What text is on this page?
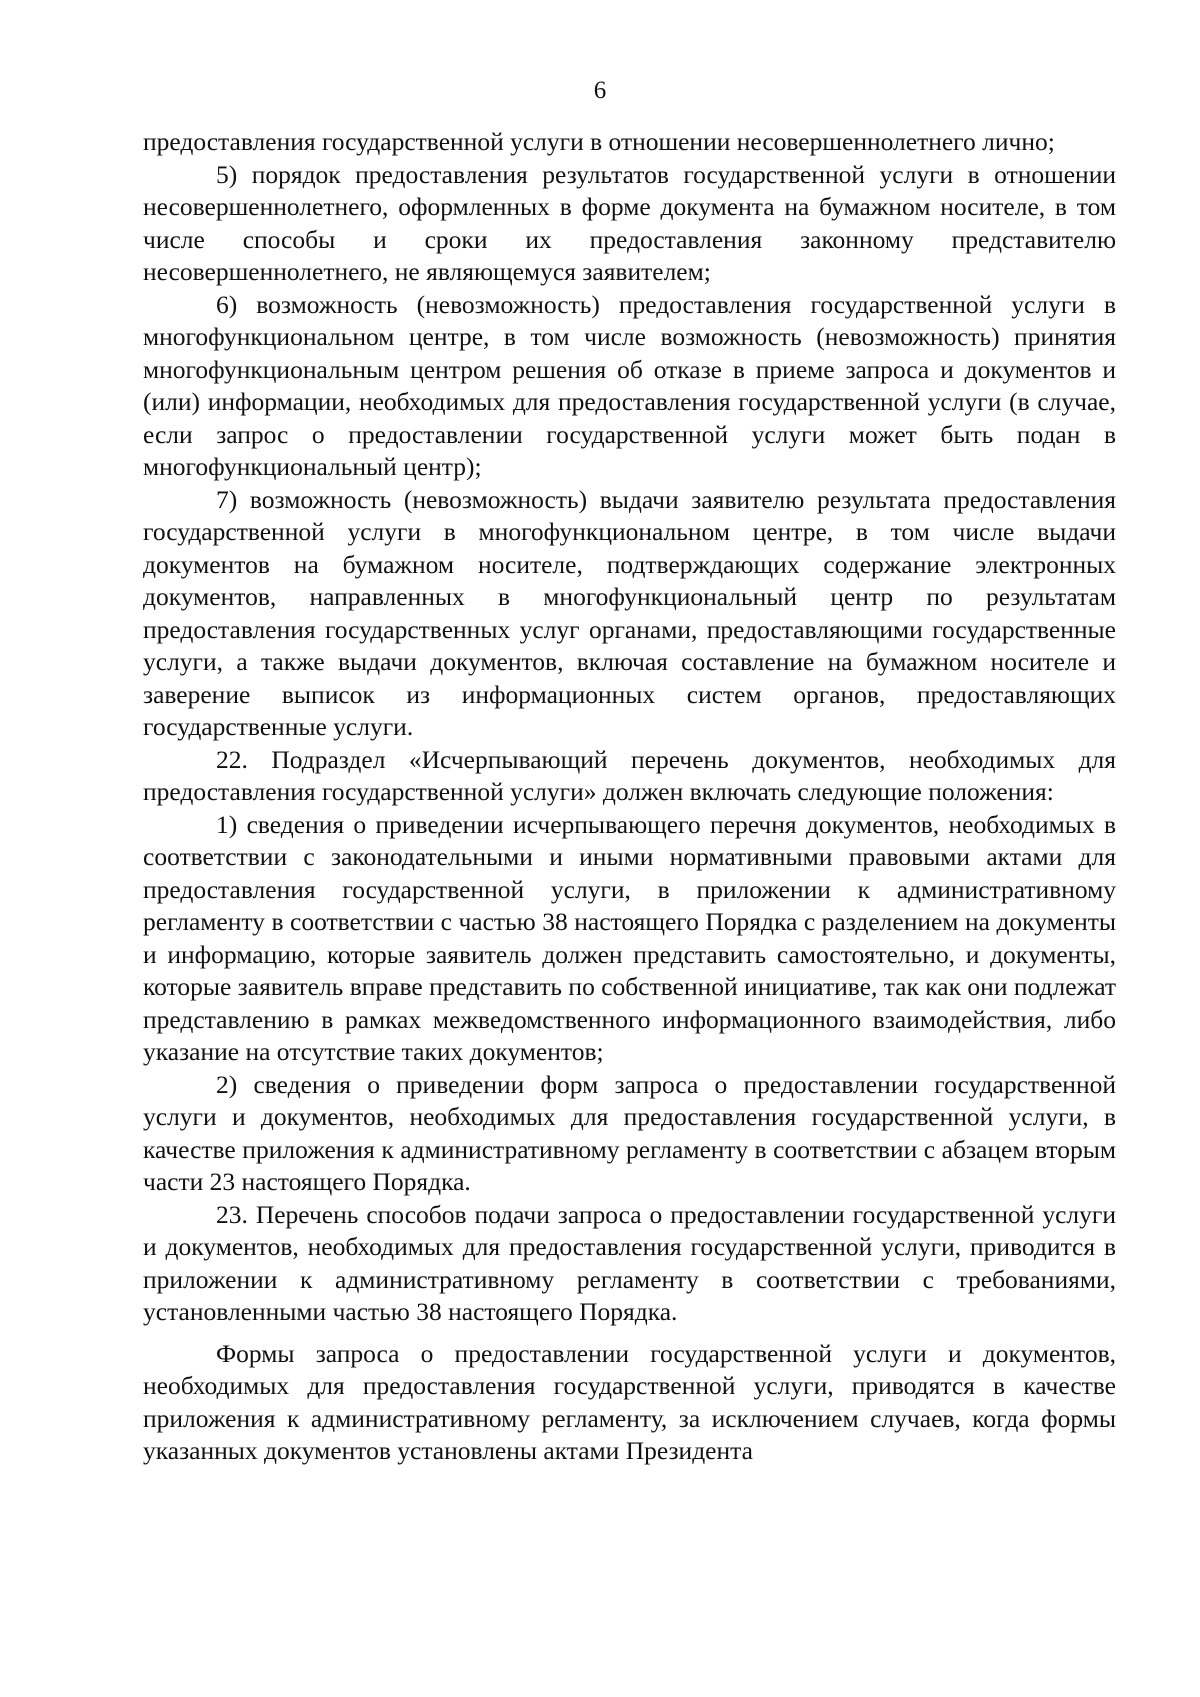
6

предоставления государственной услуги в отношении несовершеннолетнего лично;

5) порядок предоставления результатов государственной услуги в отношении несовершеннолетнего, оформленных в форме документа на бумажном носителе, в том числе способы и сроки их предоставления законному представителю несовершеннолетнего, не являющемуся заявителем;

6) возможность (невозможность) предоставления государственной услуги в многофункциональном центре, в том числе возможность (невозможность) принятия многофункциональным центром решения об отказе в приеме запроса и документов и (или) информации, необходимых для предоставления государственной услуги (в случае, если запрос о предоставлении государственной услуги может быть подан в многофункциональный центр);

7) возможность (невозможность) выдачи заявителю результата предоставления государственной услуги в многофункциональном центре, в том числе выдачи документов на бумажном носителе, подтверждающих содержание электронных документов, направленных в многофункциональный центр по результатам предоставления государственных услуг органами, предоставляющими государственные услуги, а также выдачи документов, включая составление на бумажном носителе и заверение выписок из информационных систем органов, предоставляющих государственные услуги.

22. Подраздел «Исчерпывающий перечень документов, необходимых для предоставления государственной услуги» должен включать следующие положения:

1) сведения о приведении исчерпывающего перечня документов, необходимых в соответствии с законодательными и иными нормативными правовыми актами для предоставления государственной услуги, в приложении к административному регламенту в соответствии с частью 38 настоящего Порядка с разделением на документы и информацию, которые заявитель должен представить самостоятельно, и документы, которые заявитель вправе представить по собственной инициативе, так как они подлежат представлению в рамках межведомственного информационного взаимодействия, либо указание на отсутствие таких документов;

2) сведения о приведении форм запроса о предоставлении государственной услуги и документов, необходимых для предоставления государственной услуги, в качестве приложения к административному регламенту в соответствии с абзацем вторым части 23 настоящего Порядка.

23. Перечень способов подачи запроса о предоставлении государственной услуги и документов, необходимых для предоставления государственной услуги, приводится в приложении к административному регламенту в соответствии с требованиями, установленными частью 38 настоящего Порядка.

Формы запроса о предоставлении государственной услуги и документов, необходимых для предоставления государственной услуги, приводятся в качестве приложения к административному регламенту, за исключением случаев, когда формы указанных документов установлены актами Президента
